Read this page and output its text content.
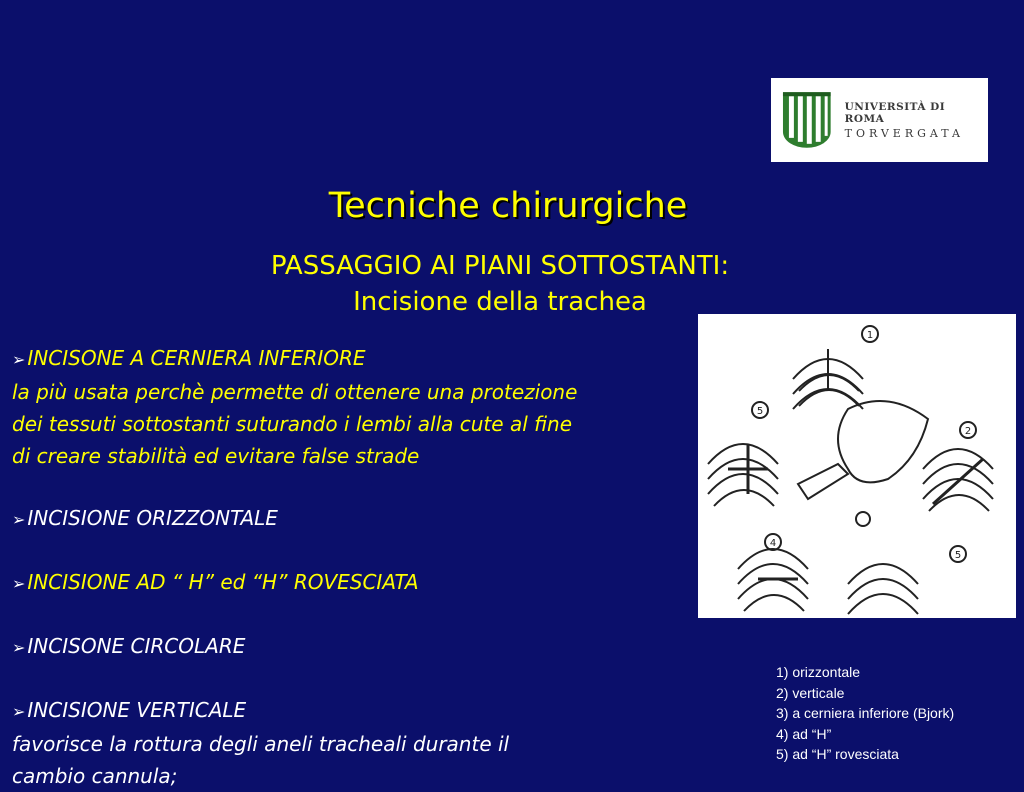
UNIVERSITÀ DI ROMA
TORVERGATA
Tecniche chirurgiche
PASSAGGIO AI PIANI SOTTOSTANTI:
Incisione della trachea
1
2
5
4
5
➢ INCISONE A CERNIERA INFERIORE
la più usata perchè permette di ottenere una protezione
dei tessuti sottostanti suturando i lembi alla cute al fine
di creare stabilità ed evitare false strade
➢ INCISIONE ORIZZONTALE
➢ INCISIONE AD “ H” ed “H” ROVESCIATA
➢ INCISONE CIRCOLARE
➢ INCISIONE VERTICALE
favorisce la rottura degli aneli tracheali durante il
cambio cannula;
1) orizzontale
2) verticale
3) a cerniera inferiore (Bjork)
4) ad “H”
5) ad “H” rovesciata
